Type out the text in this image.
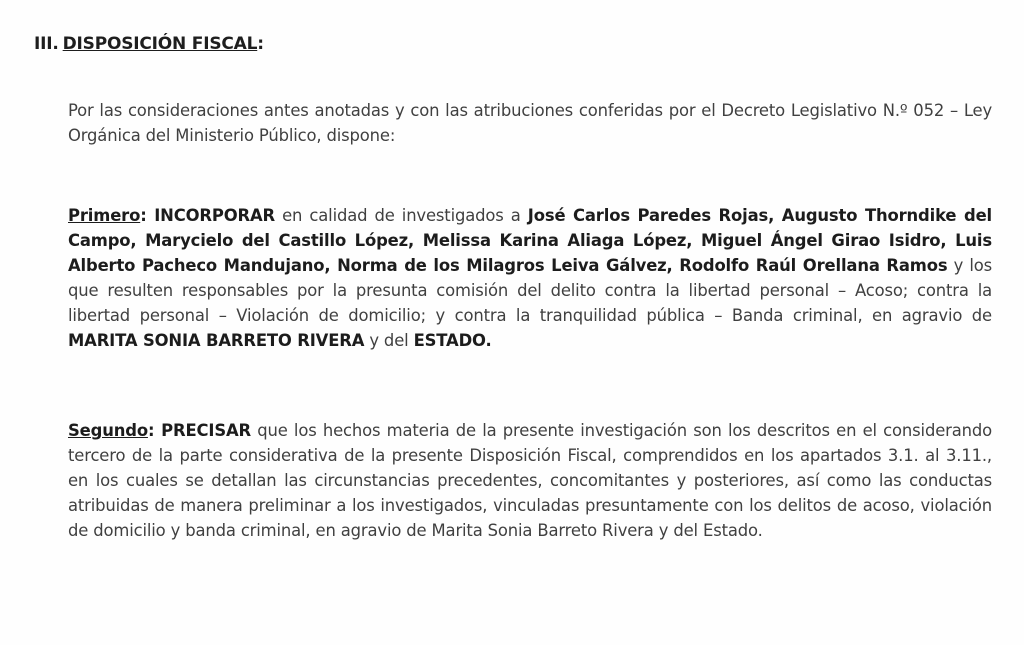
III. DISPOSICIÓN FISCAL:
Por las consideraciones antes anotadas y con las atribuciones conferidas por el Decreto Legislativo N.º 052 – Ley Orgánica del Ministerio Público, dispone:
Primero: INCORPORAR en calidad de investigados a José Carlos Paredes Rojas, Augusto Thorndike del Campo, Marycielo del Castillo López, Melissa Karina Aliaga López, Miguel Ángel Girao Isidro, Luis Alberto Pacheco Mandujano, Norma de los Milagros Leiva Gálvez, Rodolfo Raúl Orellana Ramos y los que resulten responsables por la presunta comisión del delito contra la libertad personal – Acoso; contra la libertad personal – Violación de domicilio; y contra la tranquilidad pública – Banda criminal, en agravio de MARITA SONIA BARRETO RIVERA y del ESTADO.
Segundo: PRECISAR que los hechos materia de la presente investigación son los descritos en el considerando tercero de la parte considerativa de la presente Disposición Fiscal, comprendidos en los apartados 3.1. al 3.11., en los cuales se detallan las circunstancias precedentes, concomitantes y posteriores, así como las conductas atribuidas de manera preliminar a los investigados, vinculadas presuntamente con los delitos de acoso, violación de domicilio y banda criminal, en agravio de Marita Sonia Barreto Rivera y del Estado.
